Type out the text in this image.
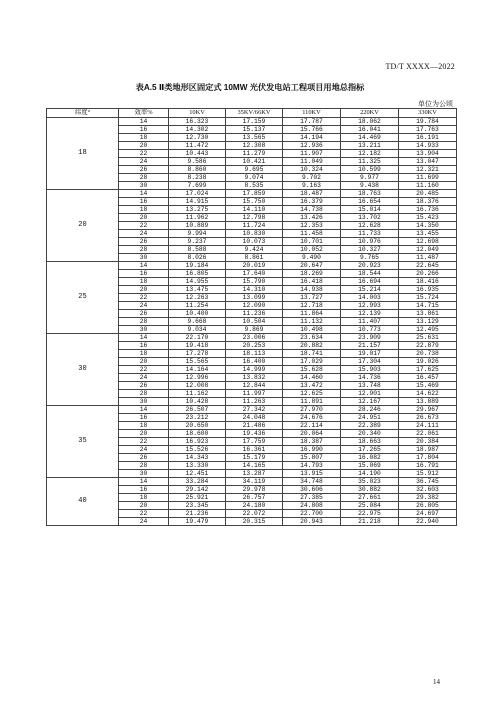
TD/T XXXX—2022
表A.5 Ⅱ类地形区固定式 10MW 光伏发电站工程项目用地总指标
单位为公顷
纬度°	效率%	10KV	35KV/66KV	110KV	220KV	330KV
18	14	16.323	17.159	17.787	18.062	19.784
	16	14.302	15.137	15.766	16.041	17.763
	18	12.730	13.565	14.194	14.469	16.191
	20	11.472	12.308	12.936	13.211	14.933
	22	10.443	11.279	11.907	12.182	13.904
	24	9.586	10.421	11.049	11.325	13.047
	26	8.860	9.695	10.324	10.599	12.321
	28	8.238	9.074	9.702	9.977	11.699
	30	7.699	8.535	9.163	9.438	11.160
20	14	17.024	17.859	18.487	18.763	20.485
	16	14.915	15.750	16.379	16.654	18.376
	18	13.275	14.110	14.738	15.014	16.736
	20	11.962	12.798	13.426	13.702	15.423
	22	10.889	11.724	12.353	12.628	14.350
	24	9.994	10.830	11.458	11.733	13.455
	26	9.237	10.073	10.701	10.976	12.698
	28	8.588	9.424	10.052	10.327	12.049
	30	8.026	8.861	9.490	9.765	11.487
25	14	19.184	20.019	20.647	20.923	22.645
	16	16.805	17.640	18.269	18.544	20.266
	18	14.955	15.790	16.418	16.694	18.416
	20	13.475	14.310	14.938	15.214	16.935
	22	12.263	13.099	13.727	14.003	15.724
	24	11.254	12.090	12.718	12.993	14.715
	26	10.400	11.236	11.864	12.139	13.861
	28	9.668	10.504	11.132	11.407	13.129
	30	9.034	9.869	10.498	10.773	12.495
30	14	22.170	23.006	23.634	23.909	25.631
	16	19.418	20.253	20.882	21.157	22.879
	18	17.278	18.113	18.741	19.017	20.738
	20	15.565	16.400	17.029	17.304	19.026
	22	14.164	14.999	15.628	15.903	17.625
	24	12.996	13.832	14.460	14.736	16.457
	26	12.008	12.844	13.472	13.748	15.469
	28	11.162	11.997	12.625	12.901	14.622
	30	10.428	11.263	11.891	12.167	13.889
35	14	26.507	27.342	27.970	28.246	29.967
	16	23.212	24.048	24.676	24.951	26.673
	18	20.650	21.486	22.114	22.389	24.111
	20	18.600	19.436	20.064	20.340	22.061
	22	16.923	17.759	18.387	18.663	20.384
	24	15.526	16.361	16.990	17.265	18.987
	26	14.343	15.179	15.807	16.082	17.804
	28	13.330	14.165	14.793	15.069	16.791
	30	12.451	13.287	13.915	14.190	15.912
40	14	33.284	34.119	34.748	35.023	36.745
	16	29.142	29.978	30.606	30.882	32.603
	18	25.921	26.757	27.385	27.661	29.382
	20	23.345	24.180	24.808	25.084	26.805
	22	21.236	22.072	22.700	22.975	24.697
	24	19.479	20.315	20.943	21.218	22.940
14
